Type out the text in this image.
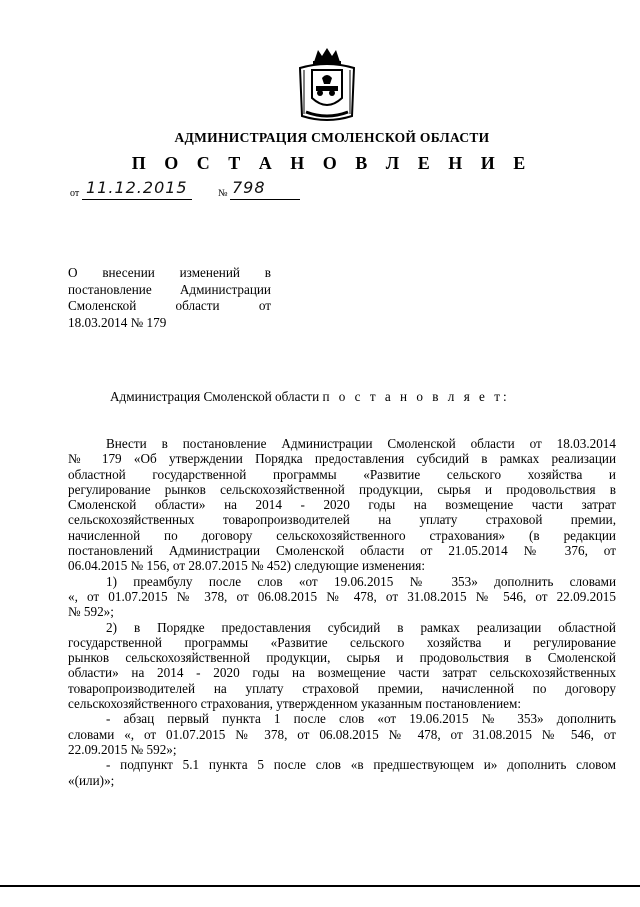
АДМИНИСТРАЦИЯ СМОЛЕНСКОЙ ОБЛАСТИ
П О С Т А Н О В Л Е Н И Е
от 11.12.2015	№ 798
О внесении изменений в
постановление Администрации
Смоленской области от
18.03.2014 № 179
Администрация Смоленской области п о с т а н о в л я е т:
Внести в постановление Администрации Смоленской области от 18.03.2014
№ 179 «Об утверждении Порядка предоставления субсидий в рамках реализации
областной государственной программы «Развитие сельского хозяйства и
регулирование рынков сельскохозяйственной продукции, сырья и продовольствия в
Смоленской области» на 2014 - 2020 годы на возмещение части затрат
сельскохозяйственных товаропроизводителей на уплату страховой премии,
начисленной по договору сельскохозяйственного страхования» (в редакции
постановлений Администрации Смоленской области от 21.05.2014 № 376, от
06.04.2015 № 156, от 28.07.2015 № 452) следующие изменения:
1) преамбулу после слов «от 19.06.2015 № 353» дополнить словами
«, от 01.07.2015 № 378, от 06.08.2015 № 478, от 31.08.2015 № 546, от 22.09.2015
№ 592»;
2) в Порядке предоставления субсидий в рамках реализации областной
государственной программы «Развитие сельского хозяйства и регулирование
рынков сельскохозяйственной продукции, сырья и продовольствия в Смоленской
области» на 2014 - 2020 годы на возмещение части затрат сельскохозяйственных
товаропроизводителей на уплату страховой премии, начисленной по договору
сельскохозяйственного страхования, утвержденном указанным постановлением:
- абзац первый пункта 1 после слов «от 19.06.2015 № 353» дополнить
словами «, от 01.07.2015 № 378, от 06.08.2015 № 478, от 31.08.2015 № 546, от
22.09.2015 № 592»;
- подпункт 5.1 пункта 5 после слов «в предшествующем и» дополнить словом
«(или)»;
